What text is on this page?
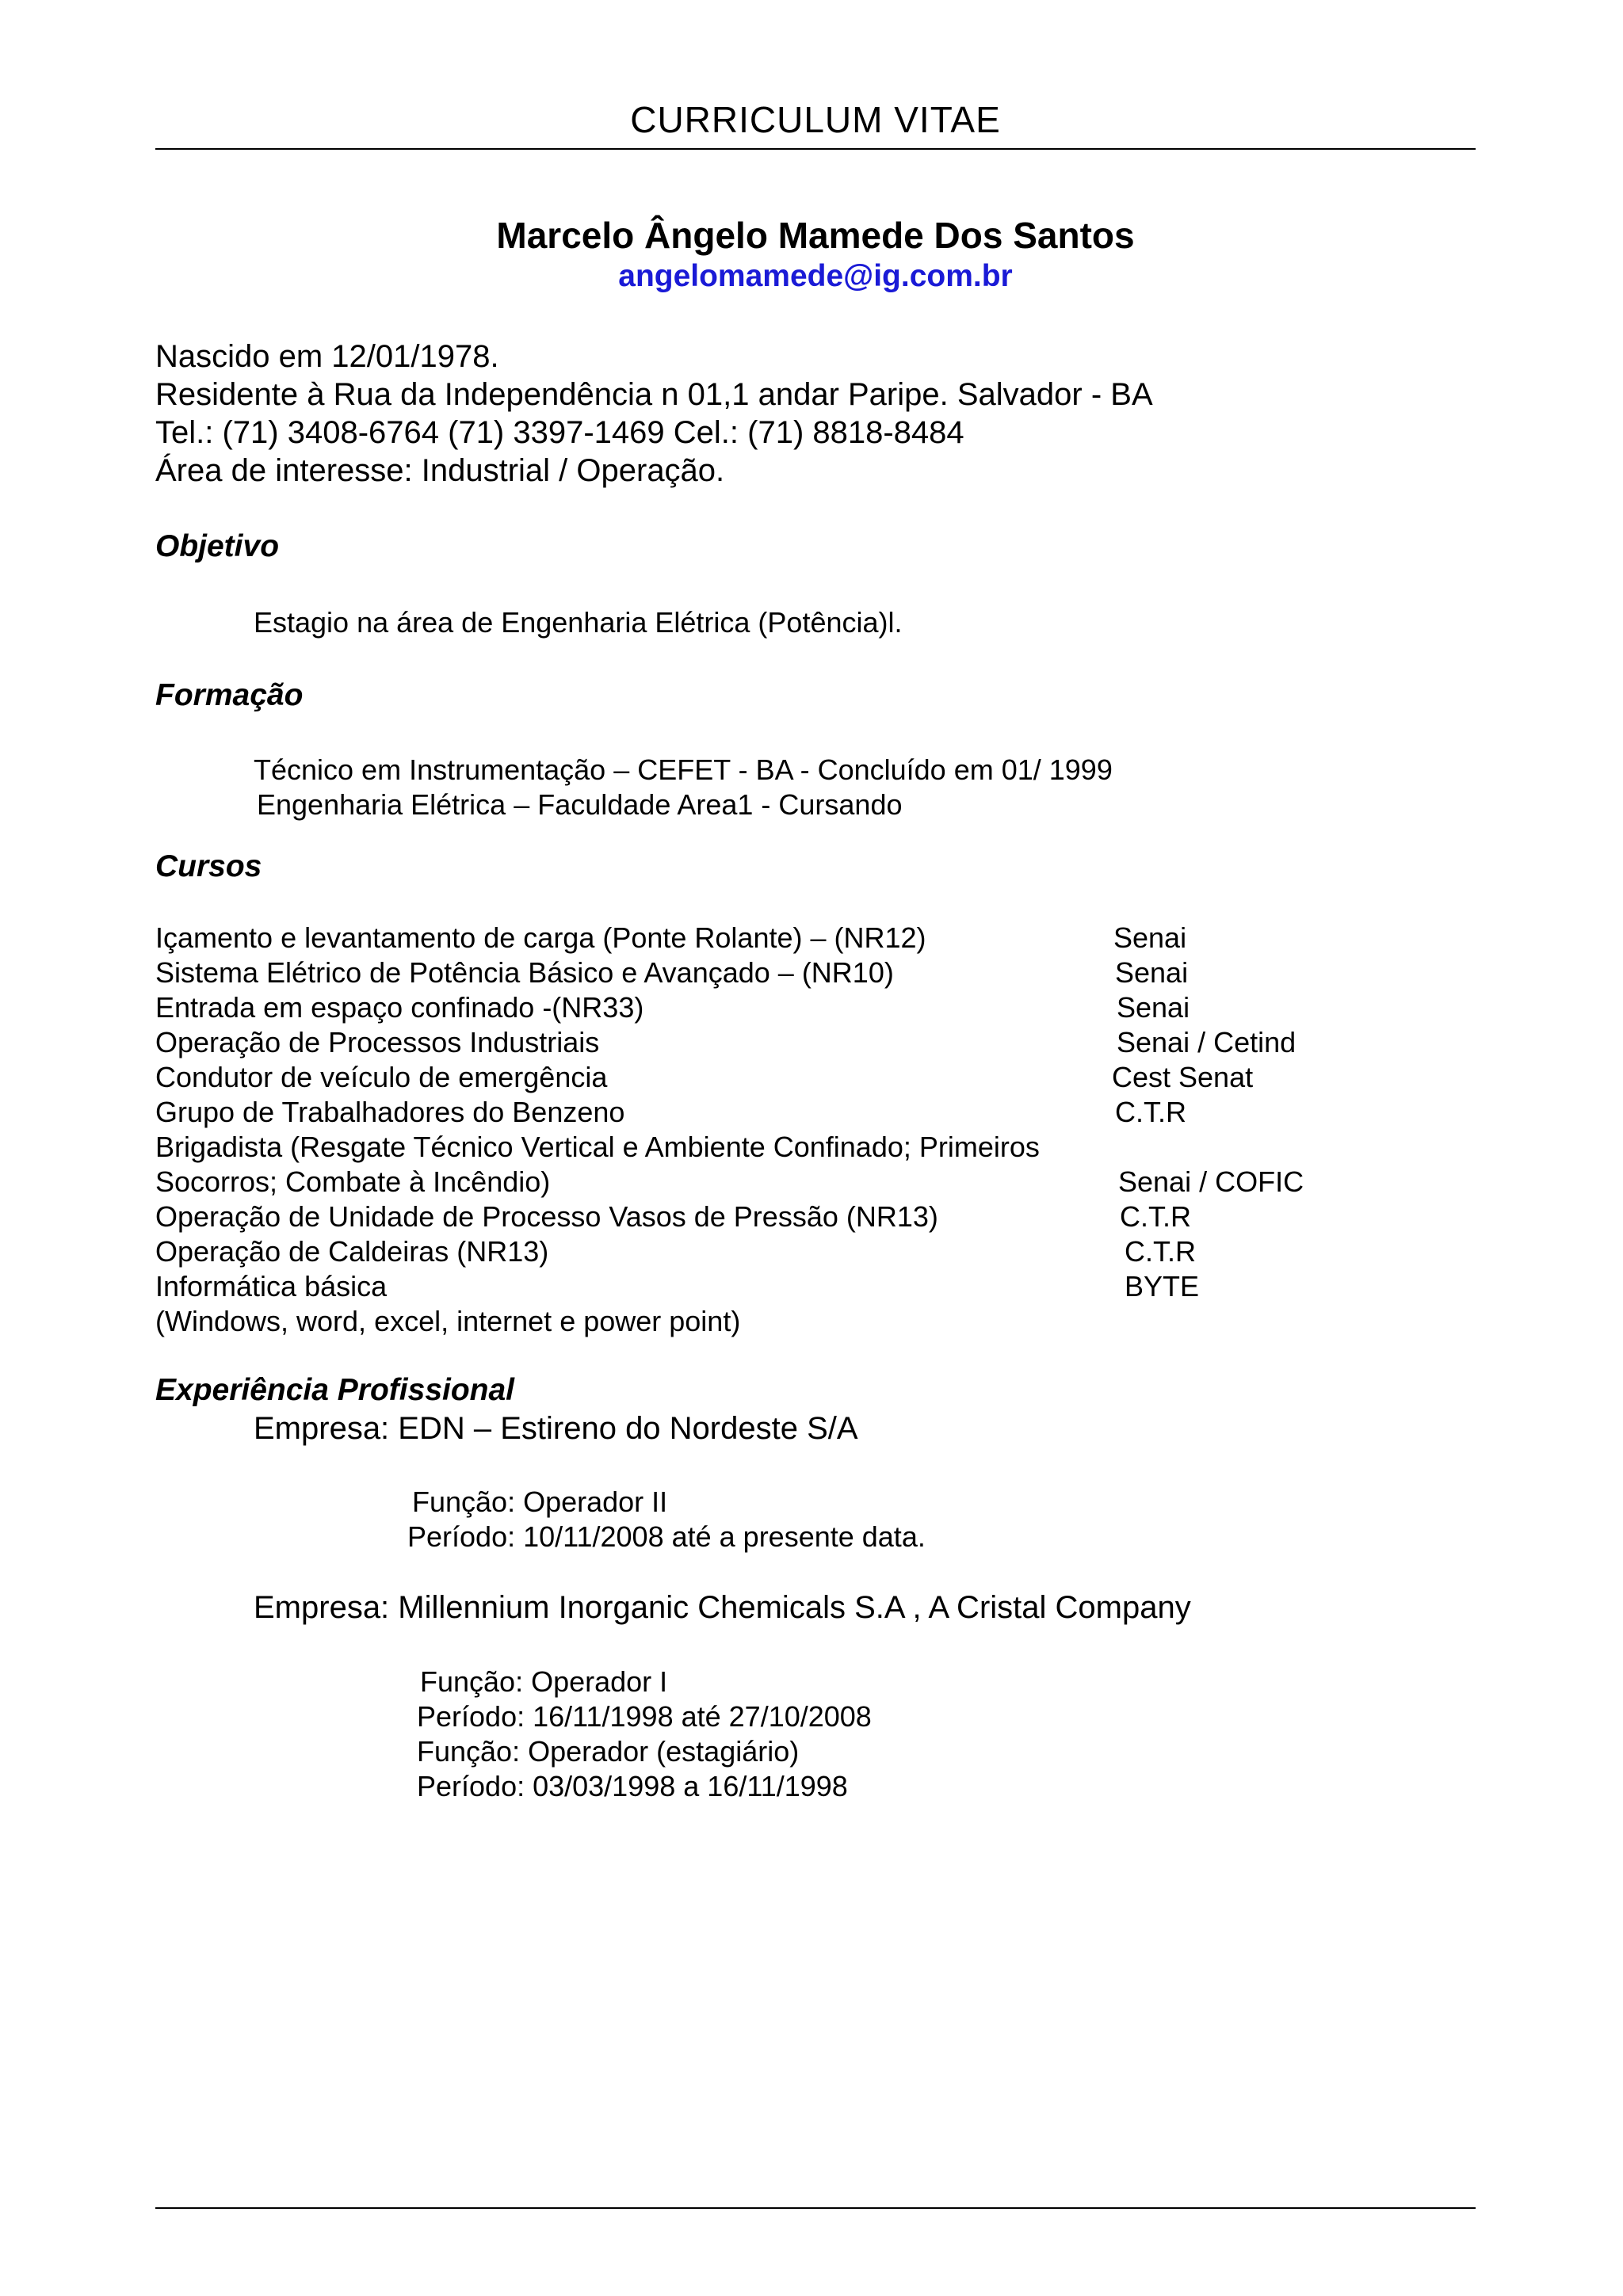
CURRICULUM VITAE
Marcelo Ângelo Mamede Dos Santos
angelomamede@ig.com.br
Nascido em 12/01/1978.
Residente à Rua da Independência n 01,1 andar Paripe. Salvador - BA
Tel.: (71) 3408-6764 (71) 3397-1469 Cel.: (71) 8818-8484
Área de interesse: Industrial / Operação.
Objetivo
Estagio na área de Engenharia Elétrica (Potência)l.
Formação
Técnico em Instrumentação – CEFET - BA - Concluído em 01/ 1999
Engenharia Elétrica – Faculdade Area1 - Cursando
Cursos
Içamento e levantamento de carga (Ponte Rolante) – (NR12)	Senai
Sistema Elétrico de Potência Básico e Avançado – (NR10)	Senai
Entrada em espaço confinado -(NR33)	Senai
Operação de Processos Industriais	Senai / Cetind
Condutor de veículo de emergência	Cest Senat
Grupo de Trabalhadores do Benzeno	C.T.R
Brigadista (Resgate Técnico Vertical e Ambiente Confinado; Primeiros
Socorros; Combate à Incêndio)	Senai / COFIC
Operação de Unidade de Processo Vasos de Pressão (NR13)	C.T.R
Operação de Caldeiras (NR13)	C.T.R
Informática básica	BYTE
(Windows, word, excel, internet e power point)
Experiência Profissional
Empresa: EDN – Estireno do Nordeste S/A
Função: Operador II
Período: 10/11/2008 até a presente data.
Empresa: Millennium Inorganic Chemicals S.A , A Cristal Company
Função: Operador I
Período: 16/11/1998 até 27/10/2008
Função: Operador (estagiário)
Período: 03/03/1998 a 16/11/1998
